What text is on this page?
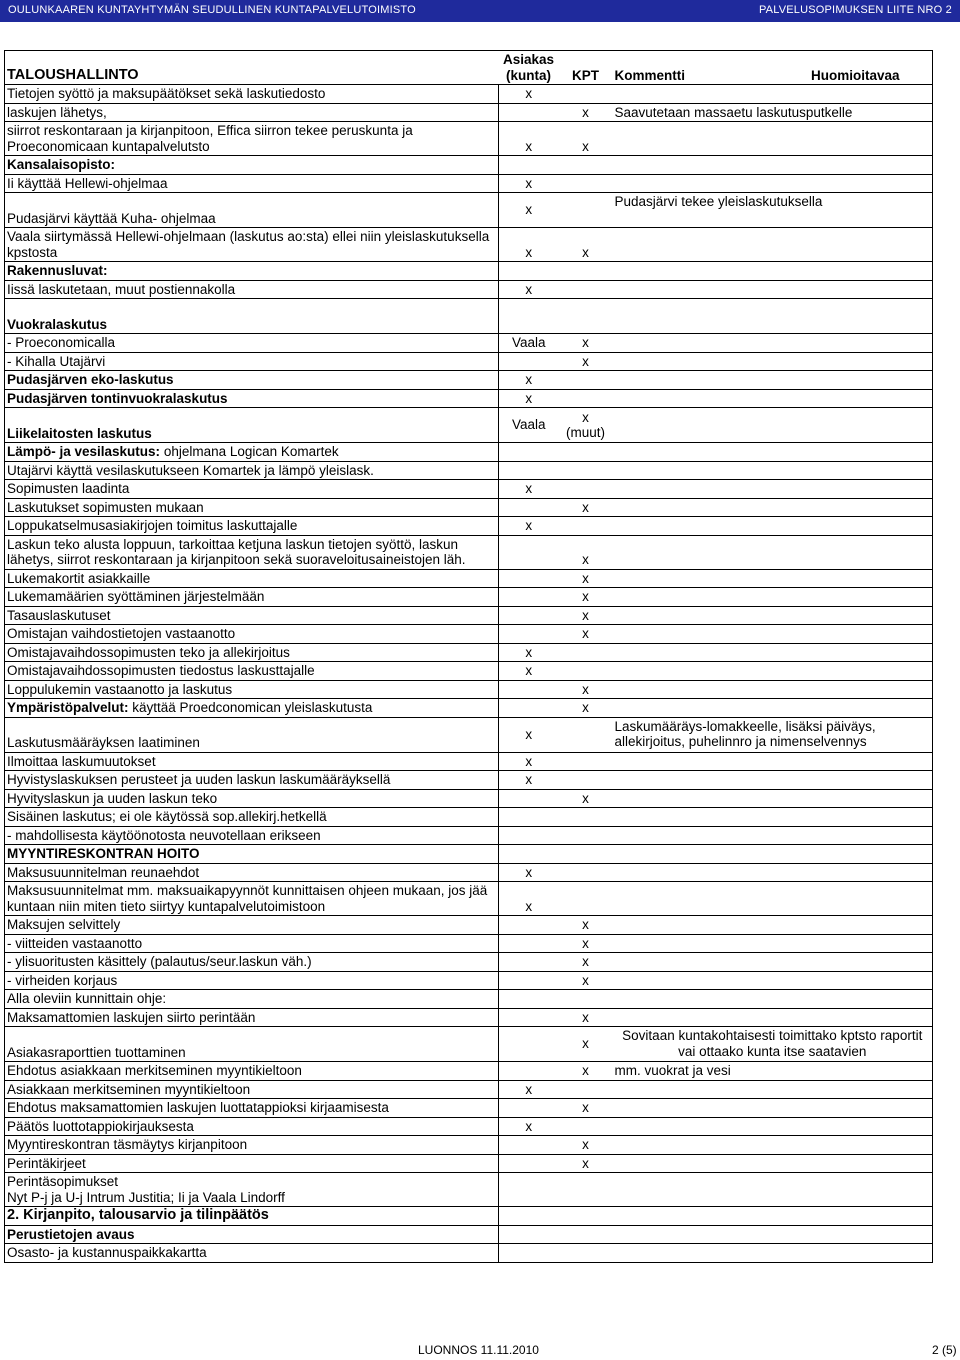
OULUNKAAREN KUNTAYHTYMÄN SEUDULLINEN KUNTAPALVELUTOIMISTO	PALVELUSOPIMUKSEN LIITE NRO 2
TALOUSHALLINTO	Asiakas
(kunta)	KPT	Kommentti	Huomioitavaa
Tietojen syöttö ja maksupäätökset sekä laskutiedosto	x			
laskujen lähetys,		x	Saavutetaan massaetu laskutusputkelle	
siirrot reskontaraan ja kirjanpitoon, Effica siirron tekee peruskunta ja Proeconomicaan kuntapalvelutsto	x	x		
Kansalaisopisto:				
Ii käyttää Hellewi-ohjelmaa	x			
Pudasjärvi käyttää Kuha- ohjelmaa	x		Pudasjärvi tekee yleislaskutuksella	
Vaala siirtymässä Hellewi-ohjelmaan (laskutus ao:sta) ellei niin yleislaskutuksella kpstosta	x	x		
Rakennusluvat:				
Iissä laskutetaan, muut postiennakolla	x			
Vuokralaskutus				
- Proeconomicalla	Vaala	x		
- Kihalla Utajärvi		x		
Pudasjärven eko-laskutus	x			
Pudasjärven tontinvuokralaskutus	x			
Liikelaitosten laskutus	Vaala	x
(muut)		
Lämpö- ja vesilaskutus: ohjelmana Logican Komartek				
Utajärvi käyttä vesilaskutukseen Komartek ja lämpö yleislask.				
Sopimusten laadinta	x			
Laskutukset sopimusten mukaan		x		
Loppukatselmusasiakirjojen toimitus laskuttajalle	x			
Laskun teko alusta loppuun, tarkoittaa ketjuna laskun tietojen syöttö, laskun lähetys, siirrot reskontaraan ja kirjanpitoon sekä suoraveloitusaineistojen läh.		x		
Lukemakortit asiakkaille		x		
Lukemamäärien syöttäminen järjestelmään		x		
Tasauslaskutuset		x		
Omistajan vaihdostietojen vastaanotto		x		
Omistajavaihdossopimusten teko ja allekirjoitus	x			
Omistajavaihdossopimusten tiedostus laskusttajalle	x			
Loppulukemin vastaanotto ja laskutus		x		
Ympäristöpalvelut: käyttää Proedconomican yleislaskutusta		x		
Laskutusmääräyksen laatiminen	x		Laskumääräys-lomakkeelle, lisäksi päiväys, allekirjoitus, puhelinnro ja nimenselvennys	
Ilmoittaa laskumuutokset	x			
Hyvistyslaskuksen perusteet ja uuden laskun laskumääräyksellä	x			
Hyvityslaskun ja uuden laskun teko		x		
Sisäinen laskutus; ei ole käytössä sop.allekirj.hetkellä				
- mahdollisesta käytöönotosta neuvotellaan erikseen				
MYYNTIRESKONTRAN HOITO				
Maksusuunnitelman reunaehdot	x			
Maksusuunnitelmat mm. maksuaikapyynnöt kunnittaisen ohjeen mukaan, jos jää kuntaan niin miten tieto siirtyy kuntapalvelutoimistoon	x			
Maksujen selvittely		x		
- viitteiden vastaanotto		x		
- ylisuoritusten käsittely (palautus/seur.laskun väh.)		x		
- virheiden korjaus		x		
Alla oleviin kunnittain ohje:				
Maksamattomien laskujen siirto perintään		x		
Asiakasraporttien tuottaminen		x	Sovitaan kuntakohtaisesti toimittako kptsto raportit vai ottaako kunta itse saatavien	
Ehdotus asiakkaan merkitseminen myyntikieltoon		x	mm. vuokrat ja vesi	
Asiakkaan merkitseminen myyntikieltoon	x			
Ehdotus maksamattomien laskujen luottatappioksi kirjaamisesta		x		
Päätös luottotappiokirjauksesta	x			
Myyntireskontran täsmäytys kirjanpitoon		x		
Perintäkirjeet		x		
Perintäsopimukset
Nyt P-j ja U-j Intrum Justitia; Ii ja Vaala Lindorff				
2. Kirjanpito, talousarvio ja tilinpäätös				
Perustietojen avaus				
Osasto- ja kustannuspaikkakartta				
LUONNOS 11.11.2010	2 (5)
